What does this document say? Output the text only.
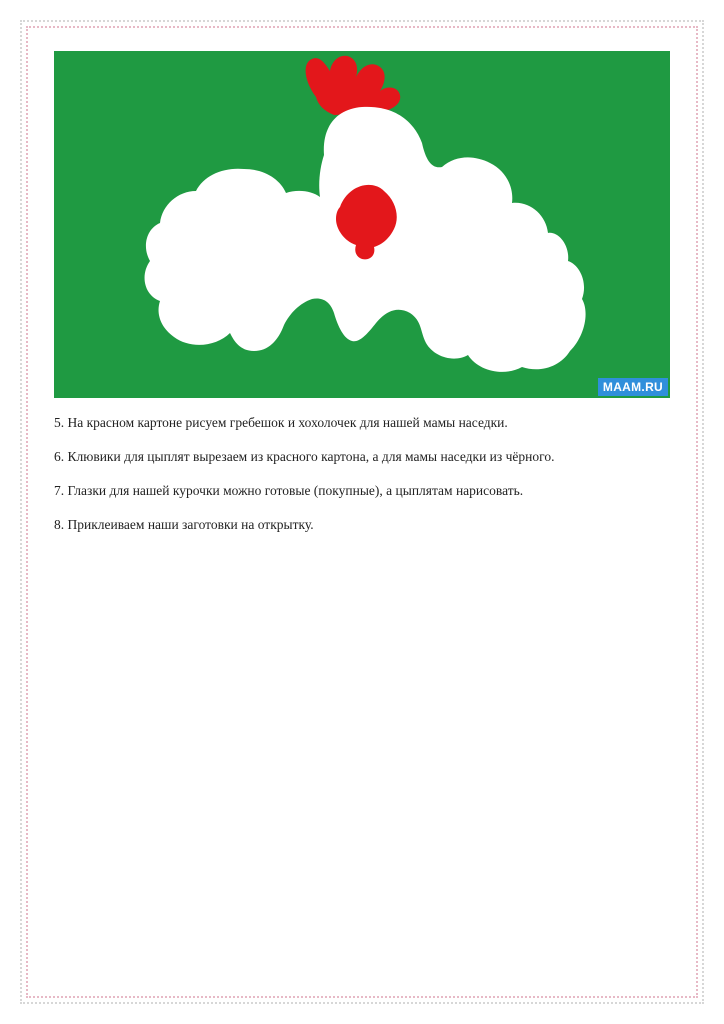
MAAM.RU
5. На красном картоне рисуем гребешок и хохолочек для нашей мамы наседки.
6. Клювики для цыплят вырезаем из красного картона, а для мамы наседки из чёрного.
7. Глазки для нашей курочки можно готовые (покупные), а цыплятам нарисовать.
8. Приклеиваем наши заготовки на открытку.
